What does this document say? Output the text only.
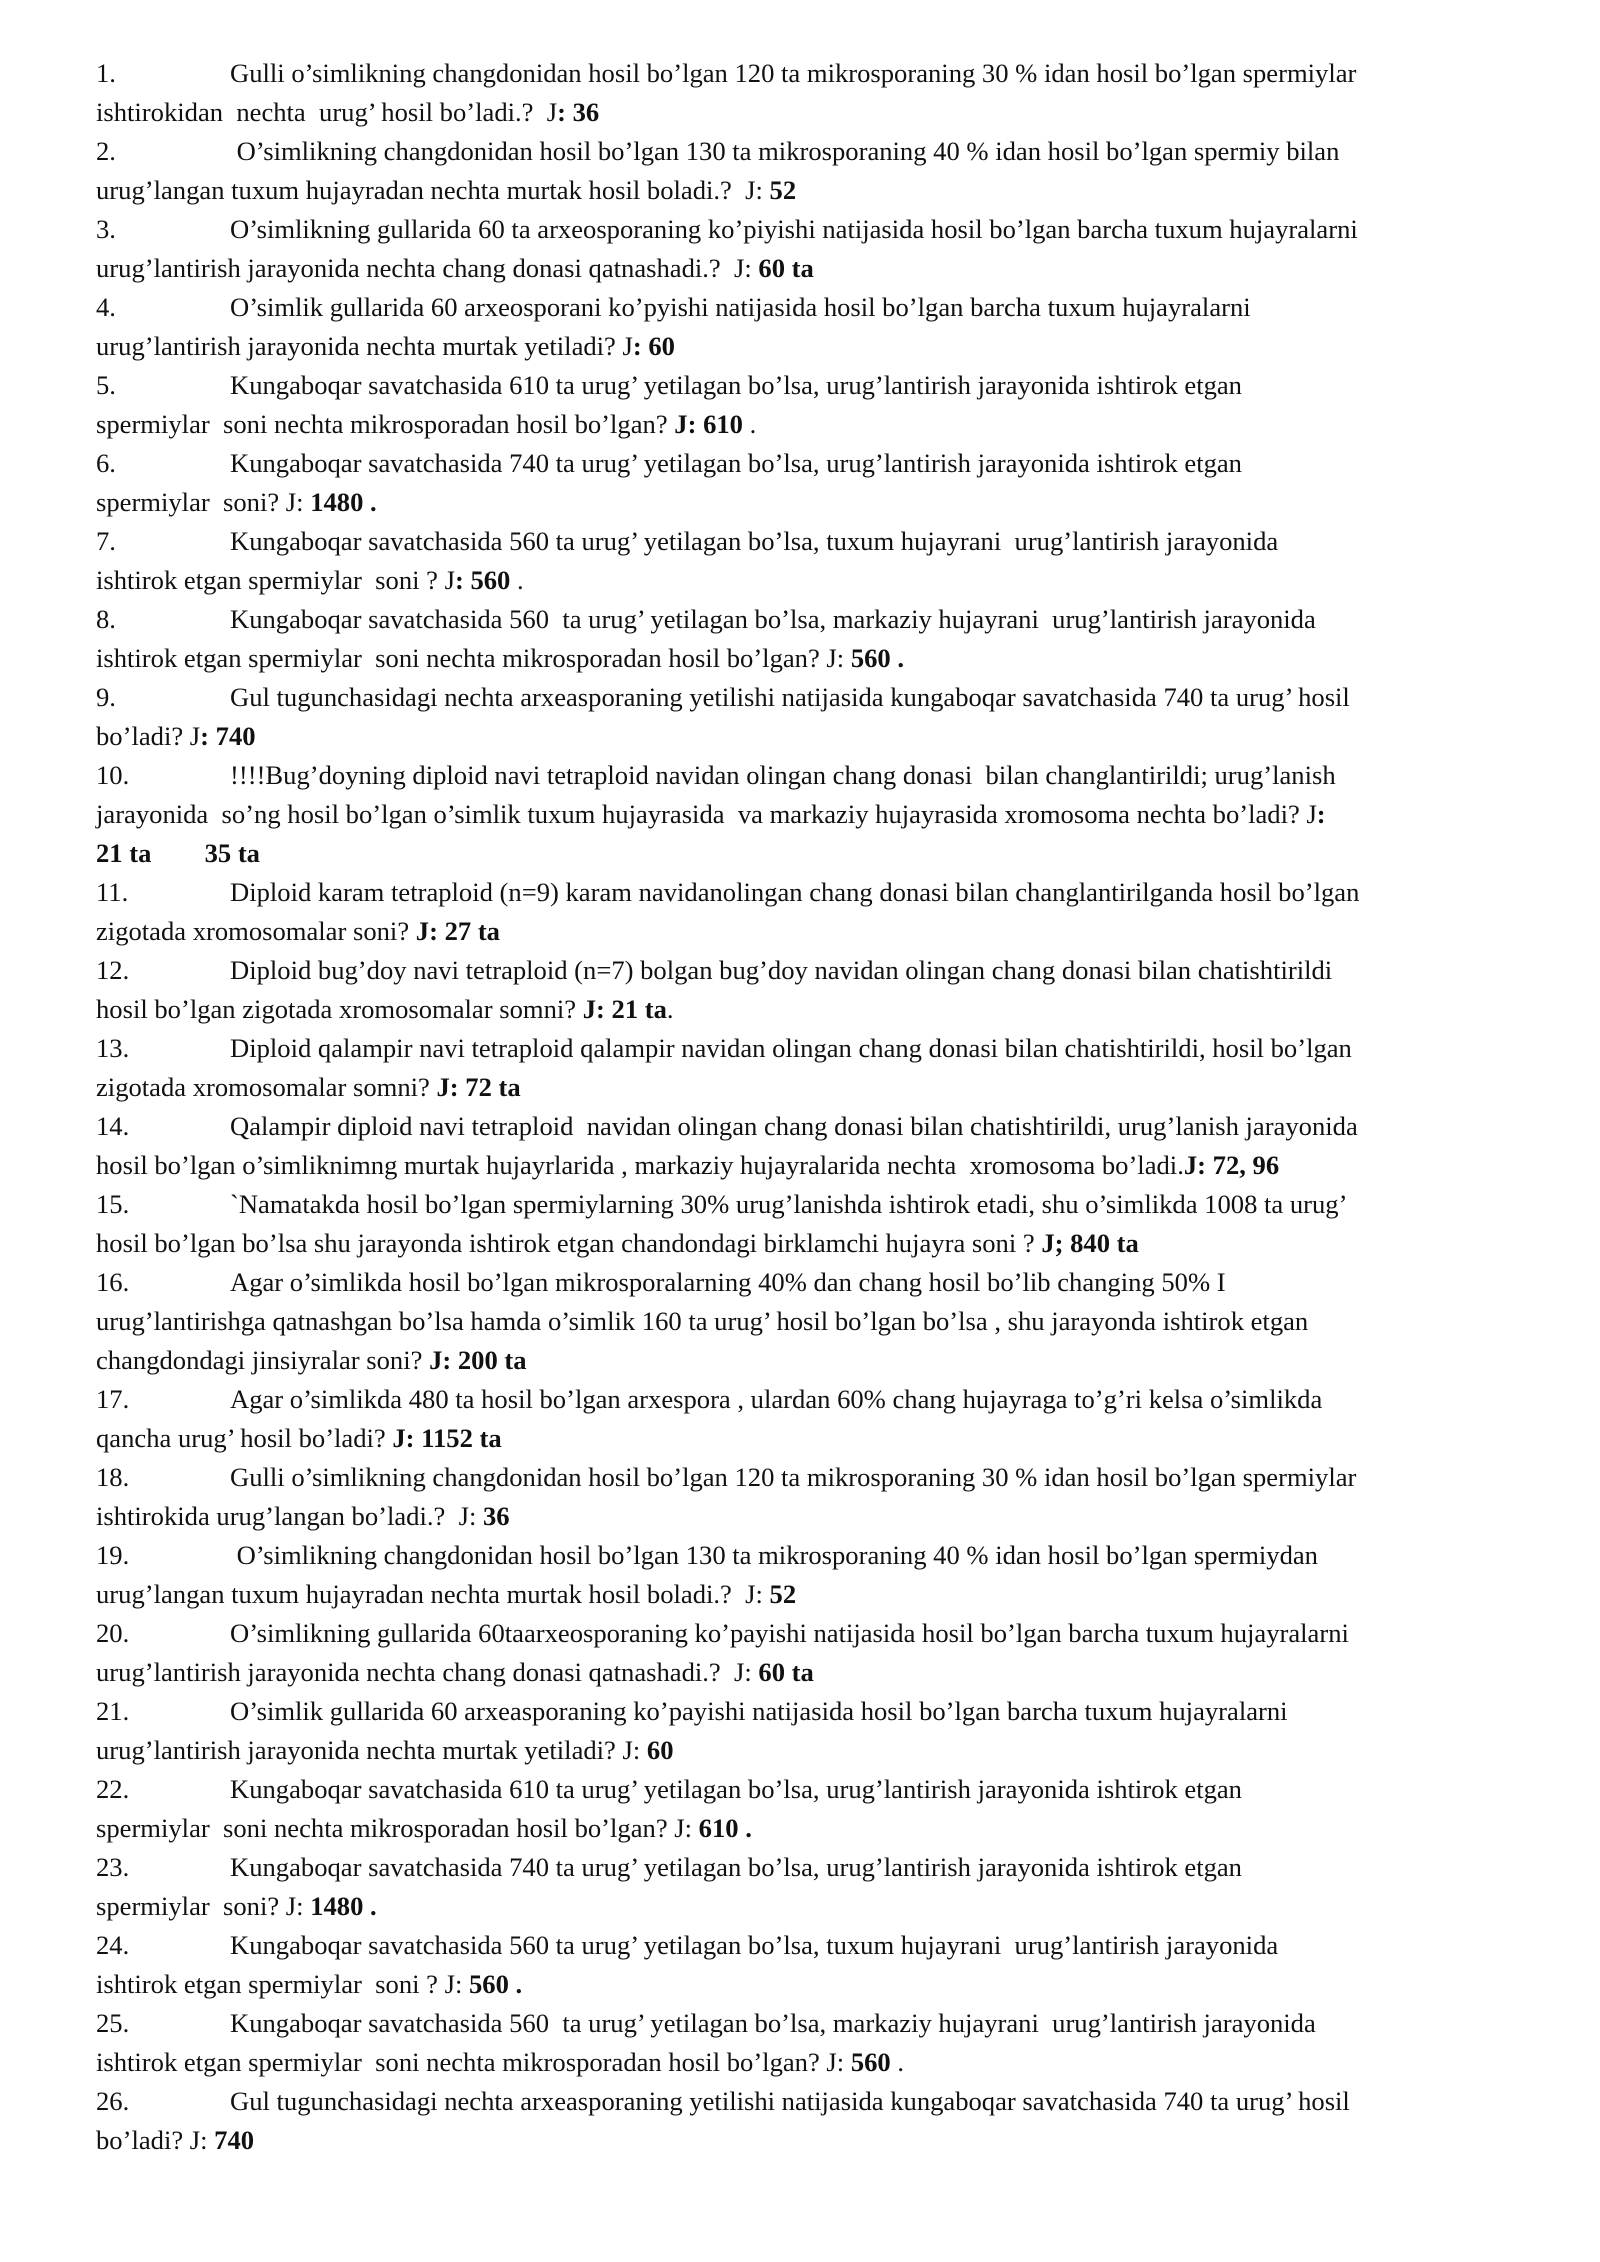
1.	Gulli o’simlikning changdonidan hosil bo’lgan 120 ta mikrosporaning 30 % idan hosil bo’lgan spermiylar
ishtirokidan  nechta  urug’ hosil bo’ladi.?  J: 36
2.	O’simlikning changdonidan hosil bo’lgan 130 ta mikrosporaning 40 % idan hosil bo’lgan spermiy bilan
urug’langan tuxum hujayradan nechta murtak hosil boladi.?  J: 52
3.	O’simlikning gullarida 60 ta arxeosporaning ko’piyishi natijasida hosil bo’lgan barcha tuxum hujayralarni
urug’lantirish jarayonida nechta chang donasi qatnashadi.?  J: 60 ta
4.	O’simlik gullarida 60 arxeosporani ko’pyishi natijasida hosil bo’lgan barcha tuxum hujayralarni
urug’lantirish jarayonida nechta murtak yetiladi? J: 60
5.	Kungaboqar savatchasida 610 ta urug’ yetilagan bo’lsa, urug’lantirish jarayonida ishtirok etgan
spermiylar  soni nechta mikrosporadan hosil bo’lgan? J: 610 .
6.	Kungaboqar savatchasida 740 ta urug’ yetilagan bo’lsa, urug’lantirish jarayonida ishtirok etgan
spermiylar  soni? J: 1480 .
7.	Kungaboqar savatchasida 560 ta urug’ yetilagan bo’lsa, tuxum hujayrani  urug’lantirish jarayonida
ishtirok etgan spermiylar  soni ? J: 560 .
8.	Kungaboqar savatchasida 560  ta urug’ yetilagan bo’lsa, markaziy hujayrani  urug’lantirish jarayonida
ishtirok etgan spermiylar  soni nechta mikrosporadan hosil bo’lgan? J: 560 .
9.	Gul tugunchasidagi nechta arxeasporaning yetilishi natijasida kungaboqar savatchasida 740 ta urug’ hosil
bo’ladi? J: 740
10.	!!!!Bug’doyning diploid navi tetraploid navidan olingan chang donasi  bilan changlantirildi; urug’lanish
jarayonida  so’ng hosil bo’lgan o’simlik tuxum hujayrasida  va markaziy hujayrasida xromosoma nechta bo’ladi? J:
21 ta        35 ta
11.	Diploid karam tetraploid (n=9) karam navidanolingan chang donasi bilan changlantirilganda hosil bo’lgan
zigotada xromosomalar soni? J: 27 ta
12.	Diploid bug’doy navi tetraploid (n=7) bolgan bug’doy navidan olingan chang donasi bilan chatishtirildi
hosil bo’lgan zigotada xromosomalar somni? J: 21 ta.
13.	Diploid qalampir navi tetraploid qalampir navidan olingan chang donasi bilan chatishtirildi, hosil bo’lgan
zigotada xromosomalar somni? J: 72 ta
14.	Qalampir diploid navi tetraploid  navidan olingan chang donasi bilan chatishtirildi, urug’lanish jarayonida
hosil bo’lgan o’simliknimng murtak hujayrlarida , markaziy hujayralarida nechta  xromosoma bo’ladi.J: 72, 96
15.	`Namatakda hosil bo’lgan spermiylarning 30% urug’lanishda ishtirok etadi, shu o’simlikda 1008 ta urug’
hosil bo’lgan bo’lsa shu jarayonda ishtirok etgan chandondagi birklamchi hujayra soni ? J; 840 ta
16.	Agar o’simlikda hosil bo’lgan mikrosporalarning 40% dan chang hosil bo’lib changing 50% I
urug’lantirishga qatnashgan bo’lsa hamda o’simlik 160 ta urug’ hosil bo’lgan bo’lsa , shu jarayonda ishtirok etgan
changdondagi jinsiyralar soni? J: 200 ta
17.	Agar o’simlikda 480 ta hosil bo’lgan arxespora , ulardan 60% chang hujayraga to’g’ri kelsa o’simlikda
qancha urug’ hosil bo’ladi? J: 1152 ta
18.	Gulli o’simlikning changdonidan hosil bo’lgan 120 ta mikrosporaning 30 % idan hosil bo’lgan spermiylar
ishtirokida urug’langan bo’ladi.?  J: 36
19.	O’simlikning changdonidan hosil bo’lgan 130 ta mikrosporaning 40 % idan hosil bo’lgan spermiydan
urug’langan tuxum hujayradan nechta murtak hosil boladi.?  J: 52
20.	O’simlikning gullarida 60taarxeosporaning ko’payishi natijasida hosil bo’lgan barcha tuxum hujayralarni
urug’lantirish jarayonida nechta chang donasi qatnashadi.?  J: 60 ta
21.	O’simlik gullarida 60 arxeasporaning ko’payishi natijasida hosil bo’lgan barcha tuxum hujayralarni
urug’lantirish jarayonida nechta murtak yetiladi? J: 60
22.	Kungaboqar savatchasida 610 ta urug’ yetilagan bo’lsa, urug’lantirish jarayonida ishtirok etgan
spermiylar  soni nechta mikrosporadan hosil bo’lgan? J: 610 .
23.	Kungaboqar savatchasida 740 ta urug’ yetilagan bo’lsa, urug’lantirish jarayonida ishtirok etgan
spermiylar  soni? J: 1480 .
24.	Kungaboqar savatchasida 560 ta urug’ yetilagan bo’lsa, tuxum hujayrani  urug’lantirish jarayonida
ishtirok etgan spermiylar  soni ? J: 560 .
25.	Kungaboqar savatchasida 560  ta urug’ yetilagan bo’lsa, markaziy hujayrani  urug’lantirish jarayonida
ishtirok etgan spermiylar  soni nechta mikrosporadan hosil bo’lgan? J: 560 .
26.	Gul tugunchasidagi nechta arxeasporaning yetilishi natijasida kungaboqar savatchasida 740 ta urug’ hosil
bo’ladi? J: 740
